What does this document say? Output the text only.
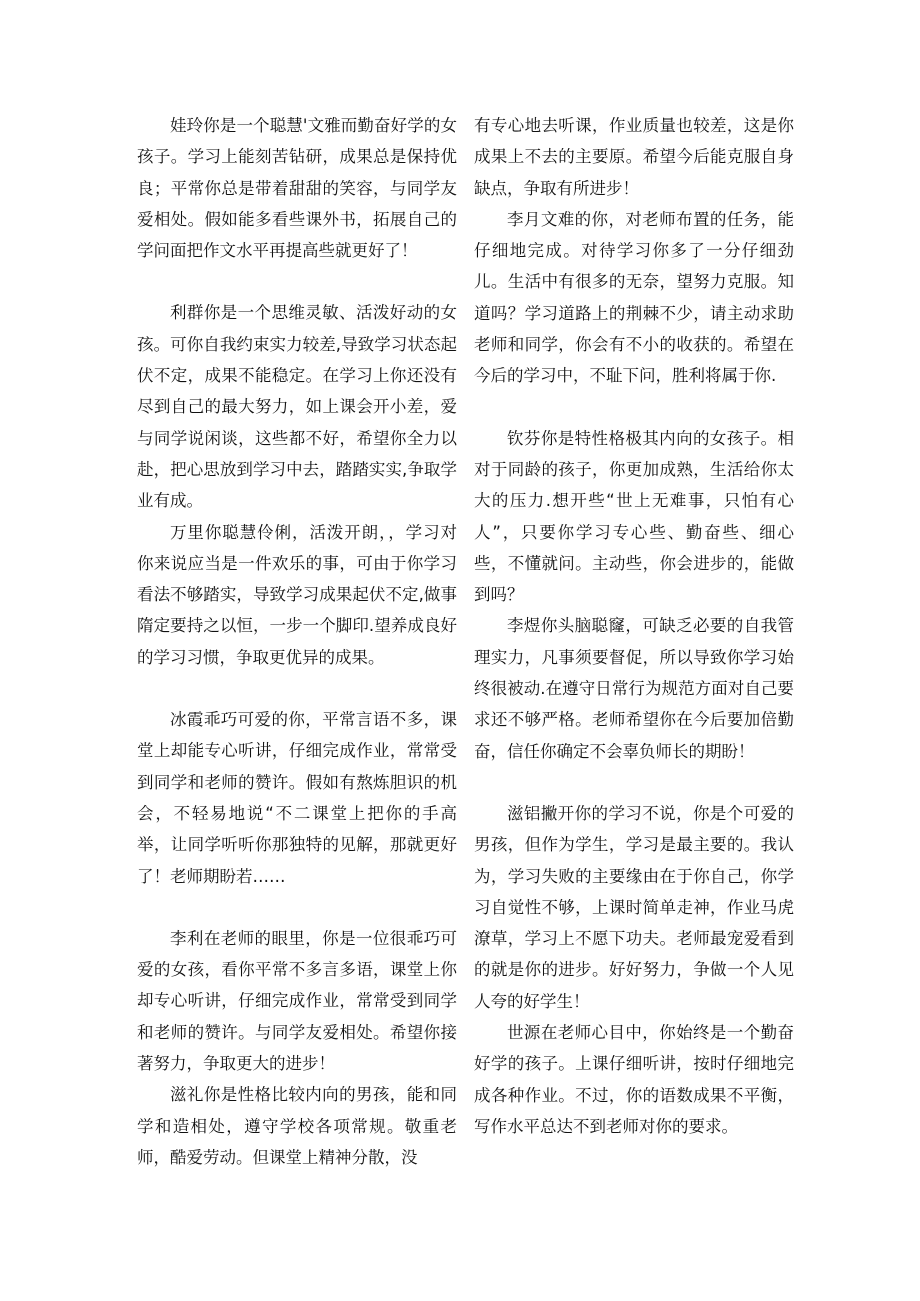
娃玲你是一个聪慧'文雅而勤奋好学的女孩子。学习上能刻苦钻研，成果总是保持优良；平常你总是带着甜甜的笑容，与同学友爱相处。假如能多看些课外书，拓展自己的学问面把作文水平再提高些就更好了！

利群你是一个思维灵敏、活泼好动的女孩。可你自我约束实力较差,导致学习状态起伏不定，成果不能稳定。在学习上你还没有尽到自己的最大努力，如上课会开小差，爱与同学说闲谈，这些都不好，希望你全力以赴，把心思放到学习中去，踏踏实实,争取学业有成。

万里你聪慧伶俐，活泼开朗，，学习对你来说应当是一件欢乐的事，可由于你学习看法不够踏实，导致学习成果起伏不定,做事隋定要持之以恒，一步一个脚印.望养成良好的学习习惯，争取更优异的成果。

冰霞乖巧可爱的你，平常言语不多，课堂上却能专心听讲，仔细完成作业，常常受到同学和老师的赞许。假如有熬炼胆识的机会，不轻易地说“不二课堂上把你的手高举，让同学听听你那独特的见解，那就更好了！老师期盼若……

李利在老师的眼里，你是一位很乖巧可爱的女孩，看你平常不多言多语，课堂上你却专心听讲，仔细完成作业，常常受到同学和老师的赞许。与同学友爱相处。希望你接著努力，争取更大的进步！

滋礼你是性格比较内向的男孩，能和同学和造相处，遵守学校各项常规。敬重老师，酷爱劳动。但课堂上精神分散，没

有专心地去听课，作业质量也较差，这是你成果上不去的主要原。希望今后能克服自身缺点，争取有所进步！

李月文难的你，对老师布置的任务，能仔细地完成。对待学习你多了一分仔细劲儿。生活中有很多的无奈，望努力克服。知道吗？学习道路上的荆棘不少，请主动求助老师和同学，你会有不小的收获的。希望在今后的学习中，不耻下问，胜利将属于你.

钦芬你是特性格极其内向的女孩子。相对于同龄的孩子，你更加成熟，生活给你太大的压力.想开些“世上无难事，只怕有心人”，只要你学习专心些、勤奋些、细心些，不懂就问。主动些，你会进步的，能做到吗？

李煜你头脑聪窿，可缺乏必要的自我管理实力，凡事须要督促，所以导致你学习始终很被动.在遵守日常行为规范方面对自己要求还不够严格。老师希望你在今后要加倍勤奋，信任你确定不会辜负师长的期盼！

滋铝撇开你的学习不说，你是个可爱的男孩，但作为学生，学习是最主要的。我认为，学习失败的主要缘由在于你自己，你学习自觉性不够，上课时简单走神，作业马虎潦草，学习上不愿下功夫。老师最宠爱看到的就是你的进步。好好努力，争做一个人见人夸的好学生！

世源在老师心目中，你始终是一个勤奋好学的孩子。上课仔细听讲，按时仔细地完成各种作业。不过，你的语数成果不平衡，写作水平总达不到老师对你的要求。
